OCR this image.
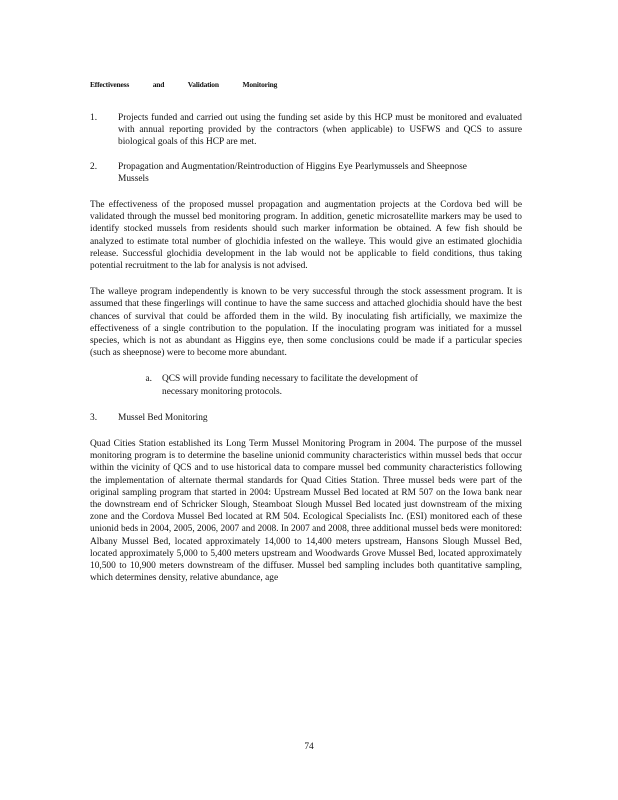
Effectiveness and Validation Monitoring
1.	Projects funded and carried out using the funding set aside by this HCP must be monitored and evaluated with annual reporting provided by the contractors (when applicable) to USFWS and QCS to assure biological goals of this HCP are met.
2.	Propagation and Augmentation/Reintroduction of Higgins Eye Pearlymussels and Sheepnose Mussels

The effectiveness of the proposed mussel propagation and augmentation projects at the Cordova bed will be validated through the mussel bed monitoring program. In addition, genetic microsatellite markers may be used to identify stocked mussels from residents should such marker information be obtained. A few fish should be analyzed to estimate total number of glochidia infested on the walleye. This would give an estimated glochidia release. Successful glochidia development in the lab would not be applicable to field conditions, thus taking potential recruitment to the lab for analysis is not advised.

The walleye program independently is known to be very successful through the stock assessment program. It is assumed that these fingerlings will continue to have the same success and attached glochidia should have the best chances of survival that could be afforded them in the wild. By inoculating fish artificially, we maximize the effectiveness of a single contribution to the population. If the inoculating program was initiated for a mussel species, which is not as abundant as Higgins eye, then some conclusions could be made if a particular species (such as sheepnose) were to become more abundant.

a.	QCS will provide funding necessary to facilitate the development of necessary monitoring protocols.
3.	Mussel Bed Monitoring

Quad Cities Station established its Long Term Mussel Monitoring Program in 2004. The purpose of the mussel monitoring program is to determine the baseline unionid community characteristics within mussel beds that occur within the vicinity of QCS and to use historical data to compare mussel bed community characteristics following the implementation of alternate thermal standards for Quad Cities Station. Three mussel beds were part of the original sampling program that started in 2004: Upstream Mussel Bed located at RM 507 on the Iowa bank near the downstream end of Schricker Slough, Steamboat Slough Mussel Bed located just downstream of the mixing zone and the Cordova Mussel Bed located at RM 504. Ecological Specialists Inc. (ESI) monitored each of these unionid beds in 2004, 2005, 2006, 2007 and 2008. In 2007 and 2008, three additional mussel beds were monitored: Albany Mussel Bed, located approximately 14,000 to 14,400 meters upstream, Hansons Slough Mussel Bed, located approximately 5,000 to 5,400 meters upstream and Woodwards Grove Mussel Bed, located approximately 10,500 to 10,900 meters downstream of the diffuser. Mussel bed sampling includes both quantitative sampling, which determines density, relative abundance, age

74
